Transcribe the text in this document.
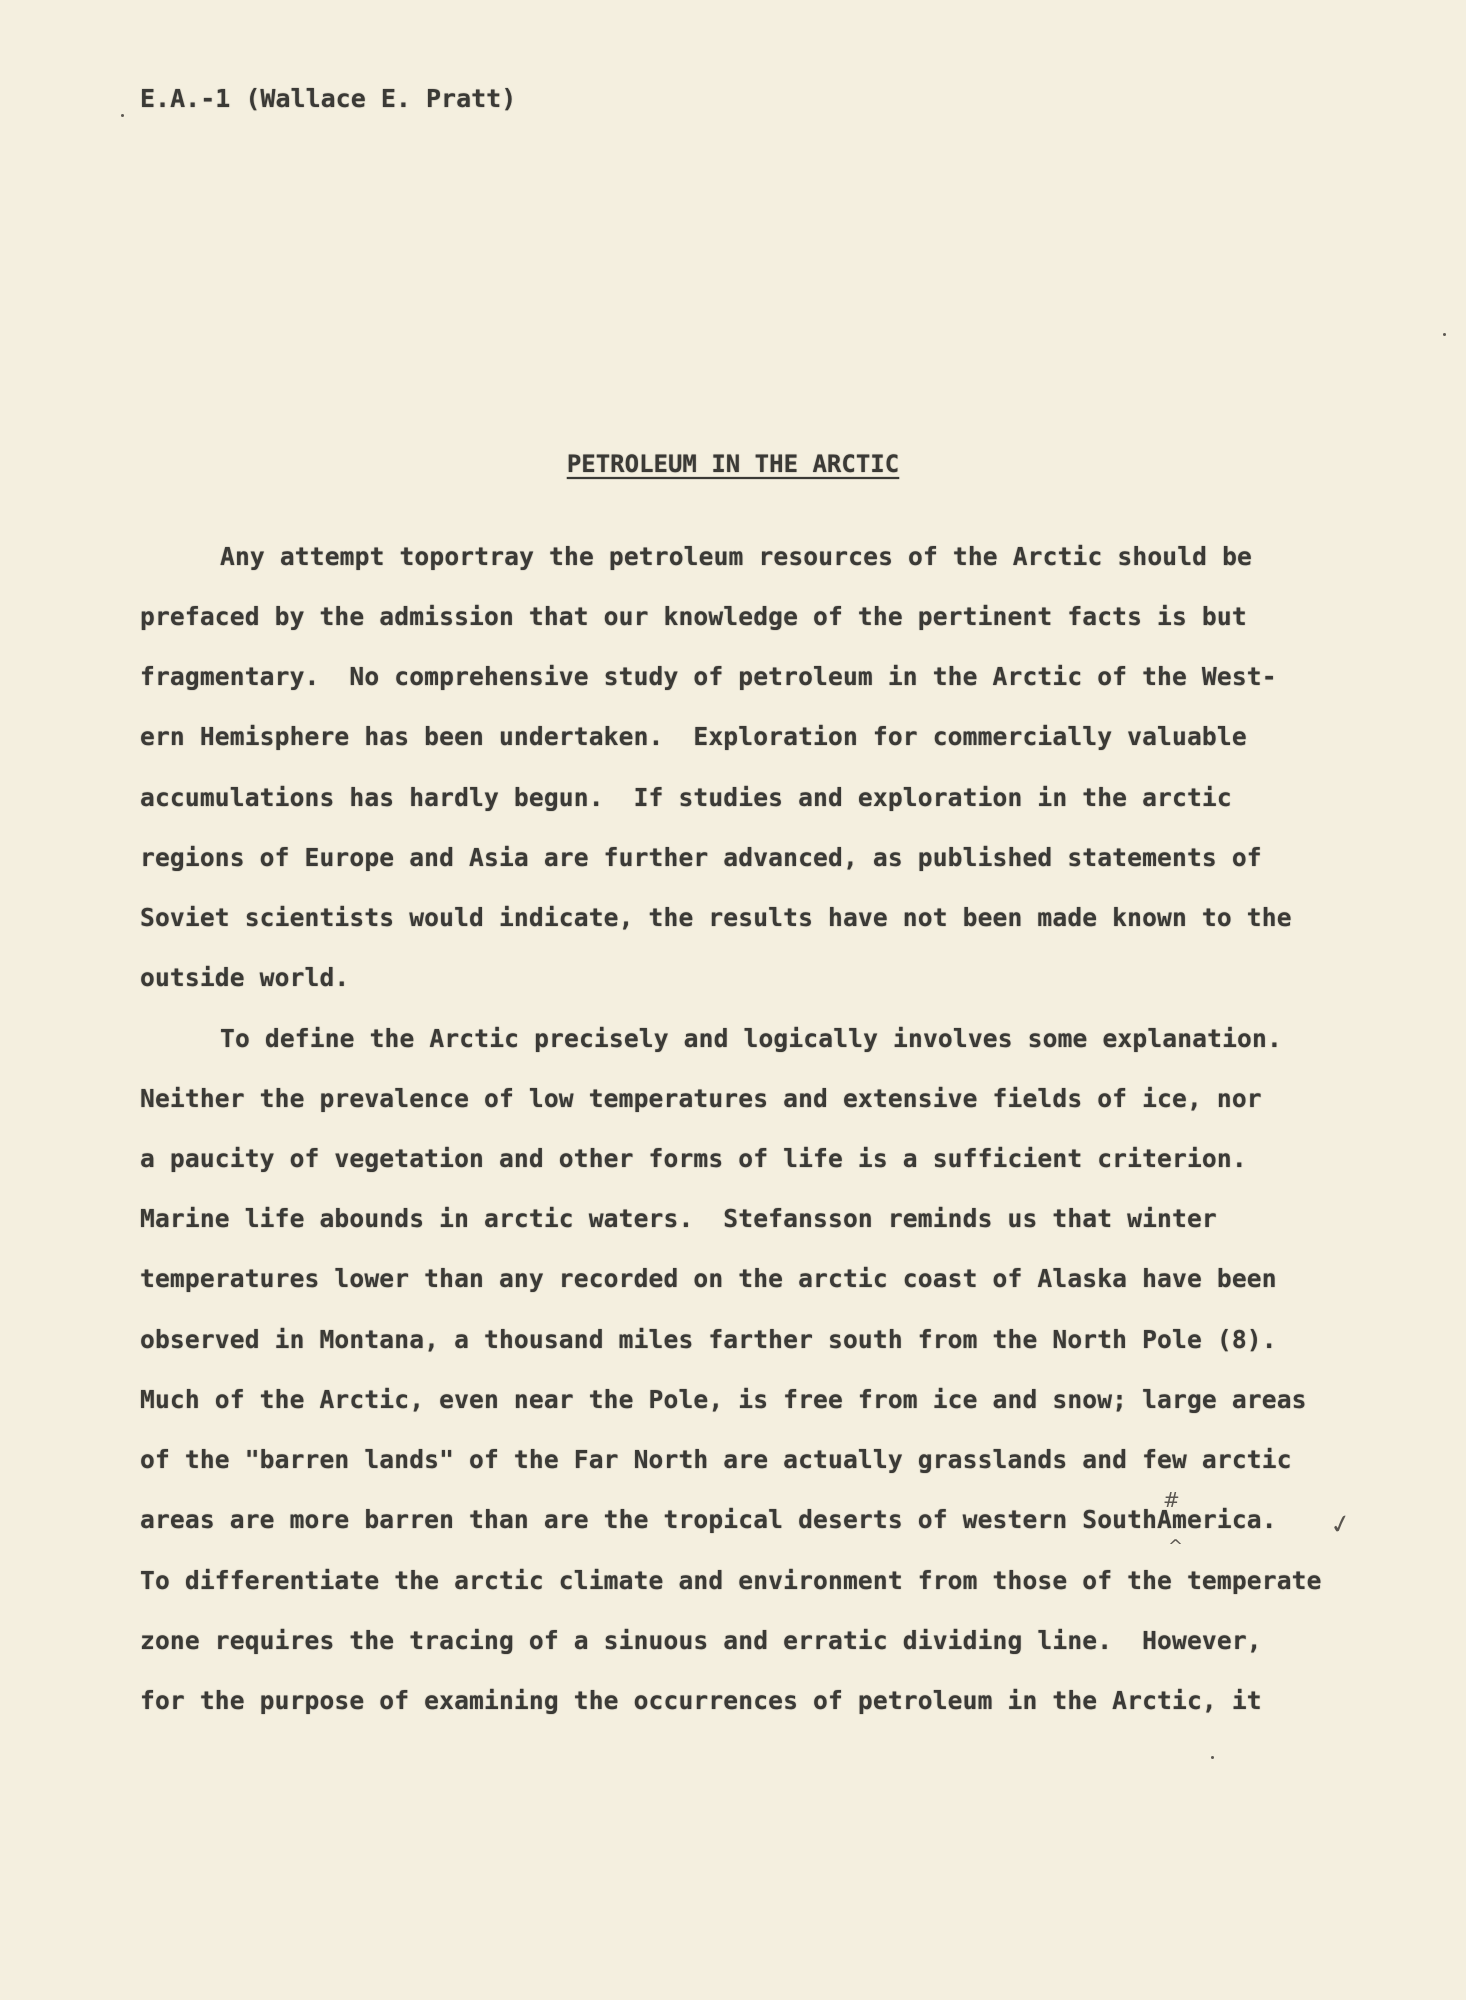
E.A.-1 (Wallace E. Pratt)
PETROLEUM IN THE ARCTIC
Any attempt toportray the petroleum resources of the Arctic should be
prefaced by the admission that our knowledge of the pertinent facts is but
fragmentary.  No comprehensive study of petroleum in the Arctic of the West-
ern Hemisphere has been undertaken.  Exploration for commercially valuable
accumulations has hardly begun.  If studies and exploration in the arctic
regions of Europe and Asia are further advanced, as published statements of
Soviet scientists would indicate, the results have not been made known to the
outside world.
To define the Arctic precisely and logically involves some explanation.
Neither the prevalence of low temperatures and extensive fields of ice, nor
a paucity of vegetation and other forms of life is a sufficient criterion.
Marine life abounds in arctic waters.  Stefansson reminds us that winter
temperatures lower than any recorded on the arctic coast of Alaska have been
observed in Montana, a thousand miles farther south from the North Pole (8).
Much of the Arctic, even near the Pole, is free from ice and snow; large areas
of the "barren lands" of the Far North are actually grasslands and few arctic
areas are more barren than are the tropical deserts of western SouthAmerica.
To differentiate the arctic climate and environment from those of the temperate
zone requires the tracing of a sinuous and erratic dividing line.  However,
for the purpose of examining the occurrences of petroleum in the Arctic, it
#
^
✓
